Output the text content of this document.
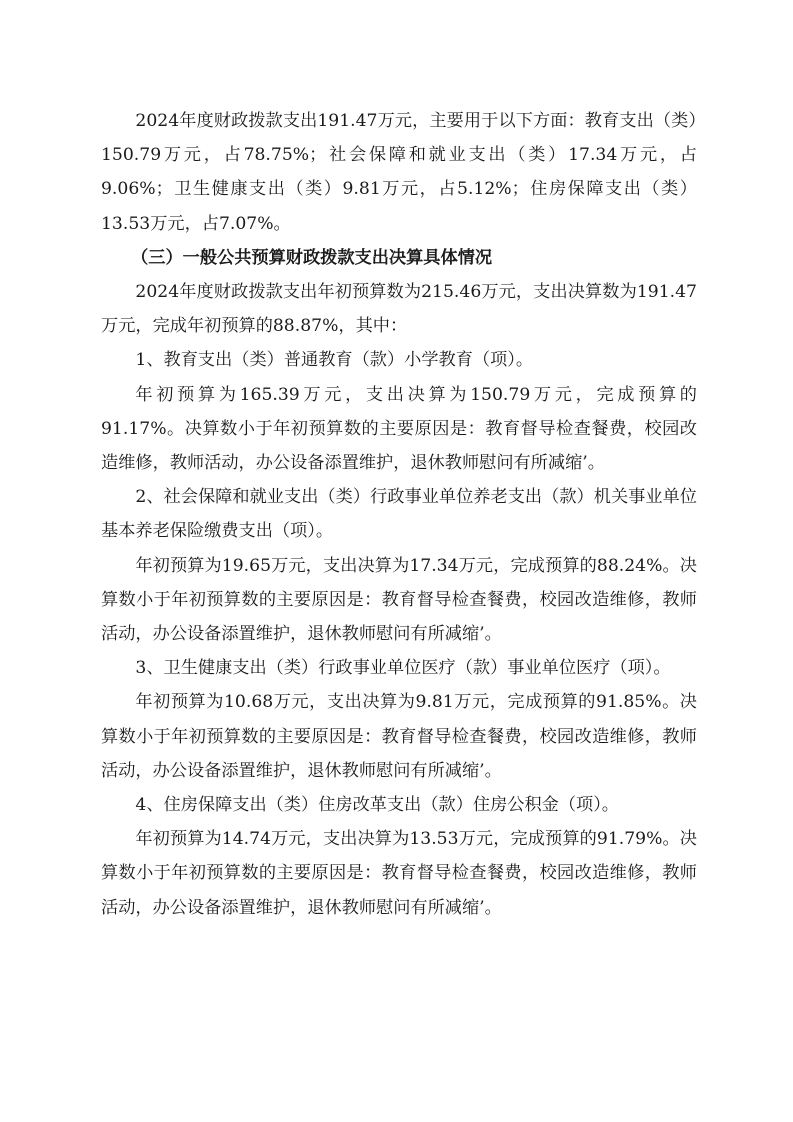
2024年度财政拨款支出191.47万元，主要用于以下方面：教育支出（类）150.79万元，占78.75%；社会保障和就业支出（类）17.34万元，占9.06%；卫生健康支出（类）9.81万元，占5.12%；住房保障支出（类）13.53万元，占7.07%。

（三）一般公共预算财政拨款支出决算具体情况

2024年度财政拨款支出年初预算数为215.46万元，支出决算数为191.47万元，完成年初预算的88.87%，其中：

1、教育支出（类）普通教育（款）小学教育（项）。

年初预算为165.39万元，支出决算为150.79万元，完成预算的91.17%。决算数小于年初预算数的主要原因是：教育督导检查餐费，校园改造维修，教师活动，办公设备添置维护，退休教师慰问有所减缩’。

2、社会保障和就业支出（类）行政事业单位养老支出（款）机关事业单位基本养老保险缴费支出（项）。

年初预算为19.65万元，支出决算为17.34万元，完成预算的88.24%。决算数小于年初预算数的主要原因是：教育督导检查餐费，校园改造维修，教师活动，办公设备添置维护，退休教师慰问有所减缩’。

3、卫生健康支出（类）行政事业单位医疗（款）事业单位医疗（项）。

年初预算为10.68万元，支出决算为9.81万元，完成预算的91.85%。决算数小于年初预算数的主要原因是：教育督导检查餐费，校园改造维修，教师活动，办公设备添置维护，退休教师慰问有所减缩’。

4、住房保障支出（类）住房改革支出（款）住房公积金（项）。

年初预算为14.74万元，支出决算为13.53万元，完成预算的91.79%。决算数小于年初预算数的主要原因是：教育督导检查餐费，校园改造维修，教师活动，办公设备添置维护，退休教师慰问有所减缩’。
